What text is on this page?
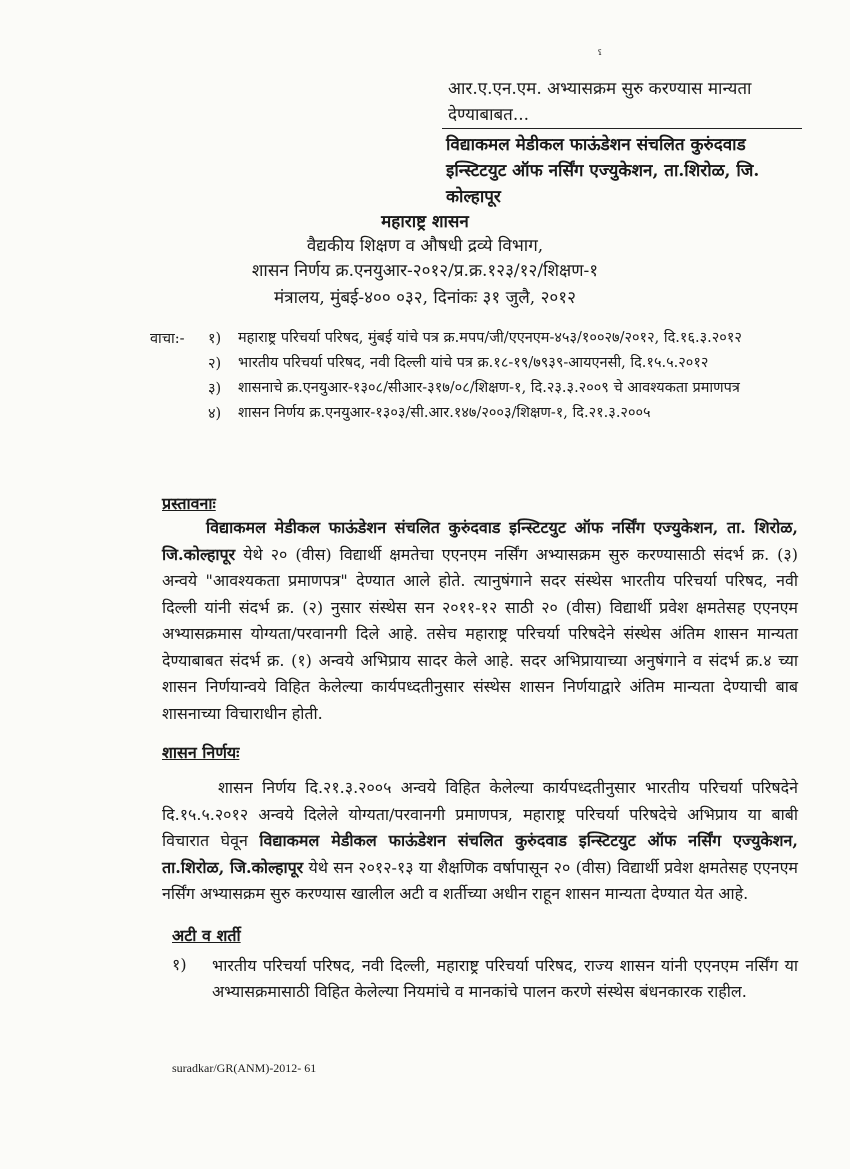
ˁ
आर.ए.एन.एम. अभ्यासक्रम सुरु करण्यास मान्यता देण्याबाबत...
विद्याकमल मेडीकल फाऊंडेशन संचलित कुरुंदवाड इन्स्टिटयुट ऑफ नर्सिंग एज्युकेशन, ता.शिरोळ, जि. कोल्हापूर
महाराष्ट्र शासन
वैद्यकीय शिक्षण व औषधी द्रव्ये विभाग,
शासन निर्णय क्र.एनयुआर-२०१२/प्र.क्र.१२३/१२/शिक्षण-१
मंत्रालय, मुंबई-४०० ०३२, दिनांकः ३१ जुलै, २०१२
वाचा:- १) महाराष्ट्र परिचर्या परिषद, मुंबई यांचे पत्र क्र.मपप/जी/एएनएम-४५३/१००२७/२०१२, दि.१६.३.२०१२
२) भारतीय परिचर्या परिषद, नवी दिल्ली यांचे पत्र क्र.१८-१९/७९३९-आयएनसी, दि.१५.५.२०१२
३) शासनाचे क्र.एनयुआर-१३०८/सीआर-३१७/०८/शिक्षण-१, दि.२३.३.२००९ चे आवश्यकता प्रमाणपत्र
४) शासन निर्णय क्र.एनयुआर-१३०३/सी.आर.१४७/२००३/शिक्षण-१, दि.२१.३.२००५
प्रस्तावनाः
विद्याकमल मेडीकल फाऊंडेशन संचलित कुरुंदवाड इन्स्टिटयुट ऑफ नर्सिंग एज्युकेशन, ता. शिरोळ, जि.कोल्हापूर येथे २० (वीस) विद्यार्थी क्षमतेचा एएनएम नर्सिंग अभ्यासक्रम सुरु करण्यासाठी संदर्भ क्र. (३) अन्वये "आवश्यकता प्रमाणपत्र" देण्यात आले होते. त्यानुषंगाने सदर संस्थेस भारतीय परिचर्या परिषद, नवी दिल्ली यांनी संदर्भ क्र. (२) नुसार संस्थेस सन २०११-१२ साठी २० (वीस) विद्यार्थी प्रवेश क्षमतेसह एएनएम अभ्यासक्रमास योग्यता/परवानगी दिले आहे. तसेच महाराष्ट्र परिचर्या परिषदेने संस्थेस अंतिम शासन मान्यता देण्याबाबत संदर्भ क्र. (१) अन्वये अभिप्राय सादर केले आहे. सदर अभिप्रायाच्या अनुषंगाने व संदर्भ क्र.४ च्या शासन निर्णयान्वये विहित केलेल्या कार्यपध्दतीनुसार संस्थेस शासन निर्णयाद्वारे अंतिम मान्यता देण्याची बाब शासनाच्या विचाराधीन होती.
शासन निर्णयः
शासन निर्णय दि.२१.३.२००५ अन्वये विहित केलेल्या कार्यपध्दतीनुसार भारतीय परिचर्या परिषदेने दि.१५.५.२०१२ अन्वये दिलेले योग्यता/परवानगी प्रमाणपत्र, महाराष्ट्र परिचर्या परिषदेचे अभिप्राय या बाबी विचारात घेवून विद्याकमल मेडीकल फाऊंडेशन संचलित कुरुंदवाड इन्स्टिटयुट ऑफ नर्सिंग एज्युकेशन, ता.शिरोळ, जि.कोल्हापूर येथे सन २०१२-१३ या शैक्षणिक वर्षापासून २० (वीस) विद्यार्थी प्रवेश क्षमतेसह एएनएम नर्सिंग अभ्यासक्रम सुरु करण्यास खालील अटी व शर्तीच्या अधीन राहून शासन मान्यता देण्यात येत आहे.
अटी व शर्ती
१) भारतीय परिचर्या परिषद, नवी दिल्ली, महाराष्ट्र परिचर्या परिषद, राज्य शासन यांनी एएनएम नर्सिंग या अभ्यासक्रमासाठी विहित केलेल्या नियमांचे व मानकांचे पालन करणे संस्थेस बंधनकारक राहील.
suradkar/GR(ANM)-2012- 61
